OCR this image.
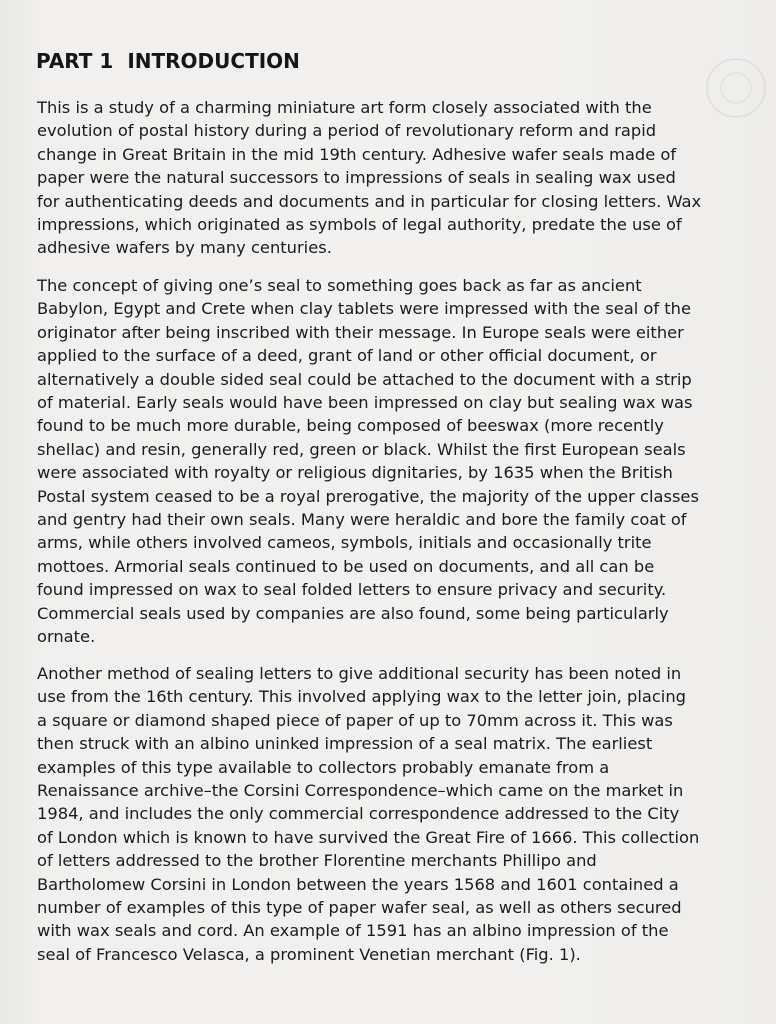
PART 1 INTRODUCTION

This is a study of a charming miniature art form closely associated with the
evolution of postal history during a period of revolutionary reform and rapid
change in Great Britain in the mid 19th century. Adhesive wafer seals made of
paper were the natural successors to impressions of seals in sealing wax used
for authenticating deeds and documents and in particular for closing letters. Wax
impressions, which originated as symbols of legal authority, predate the use of
adhesive wafers by many centuries.

The concept of giving one’s seal to something goes back as far as ancient
Babylon, Egypt and Crete when clay tablets were impressed with the seal of the
originator after being inscribed with their message. In Europe seals were either
applied to the surface of a deed, grant of land or other official document, or
alternatively a double sided seal could be attached to the document with a strip
of material. Early seals would have been impressed on clay but sealing wax was
found to be much more durable, being composed of beeswax (more recently
shellac) and resin, generally red, green or black. Whilst the first European seals
were associated with royalty or religious dignitaries, by 1635 when the British
Postal system ceased to be a royal prerogative, the majority of the upper classes
and gentry had their own seals. Many were heraldic and bore the family coat of
arms, while others involved cameos, symbols, initials and occasionally trite
mottoes. Armorial seals continued to be used on documents, and all can be
found impressed on wax to seal folded letters to ensure privacy and security.
Commercial seals used by companies are also found, some being particularly
ornate.

Another method of sealing letters to give additional security has been noted in
use from the 16th century. This involved applying wax to the letter join, placing
a square or diamond shaped piece of paper of up to 70mm across it. This was
then struck with an albino uninked impression of a seal matrix. The earliest
examples of this type available to collectors probably emanate from a
Renaissance archive–the Corsini Correspondence–which came on the market in
1984, and includes the only commercial correspondence addressed to the City
of London which is known to have survived the Great Fire of 1666. This collection
of letters addressed to the brother Florentine merchants Phillipo and
Bartholomew Corsini in London between the years 1568 and 1601 contained a
number of examples of this type of paper wafer seal, as well as others secured
with wax seals and cord. An example of 1591 has an albino impression of the
seal of Francesco Velasca, a prominent Venetian merchant (Fig. 1).
